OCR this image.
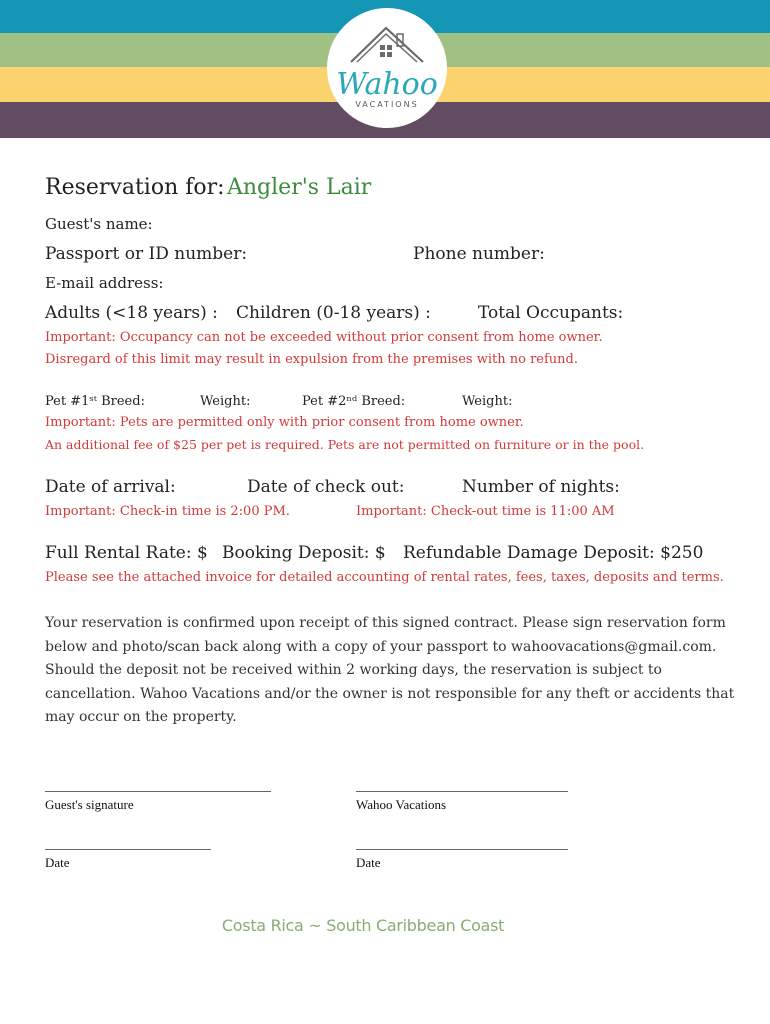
Wahoo
VACATIONS
Reservation for: Angler's Lair
Guest's name:
Passport or ID number:	Phone number:
E-mail address:
Adults (<18 years) : Children (0-18 years) :	Total Occupants:
Important: Occupancy can not be exceeded without prior consent from home owner.
Disregard of this limit may result in expulsion from the premises with no refund.
Pet #1ˢᵗ Breed:	Weight:	Pet #2ⁿᵈ Breed:	Weight:
Important: Pets are permitted only with prior consent from home owner.
An additional fee of $25 per pet is required. Pets are not permitted on furniture or in the pool.
Date of arrival:	Date of check out:	Number of nights:
Important: Check-in time is 2:00 PM.	Important: Check-out time is 11:00 AM
Full Rental Rate: $ Booking Deposit: $ Refundable Damage Deposit: $250
Please see the attached invoice for detailed accounting of rental rates, fees, taxes, deposits and terms.
Your reservation is confirmed upon receipt of this signed contract. Please sign reservation form below and photo/scan back along with a copy of your passport to wahoovacations@gmail.com. Should the deposit not be received within 2 working days, the reservation is subject to cancellation. Wahoo Vacations and/or the owner is not responsible for any theft or accidents that may occur on the property.
Guest's signature	Wahoo Vacations
Date	Date
Costa Rica ~ South Caribbean Coast
